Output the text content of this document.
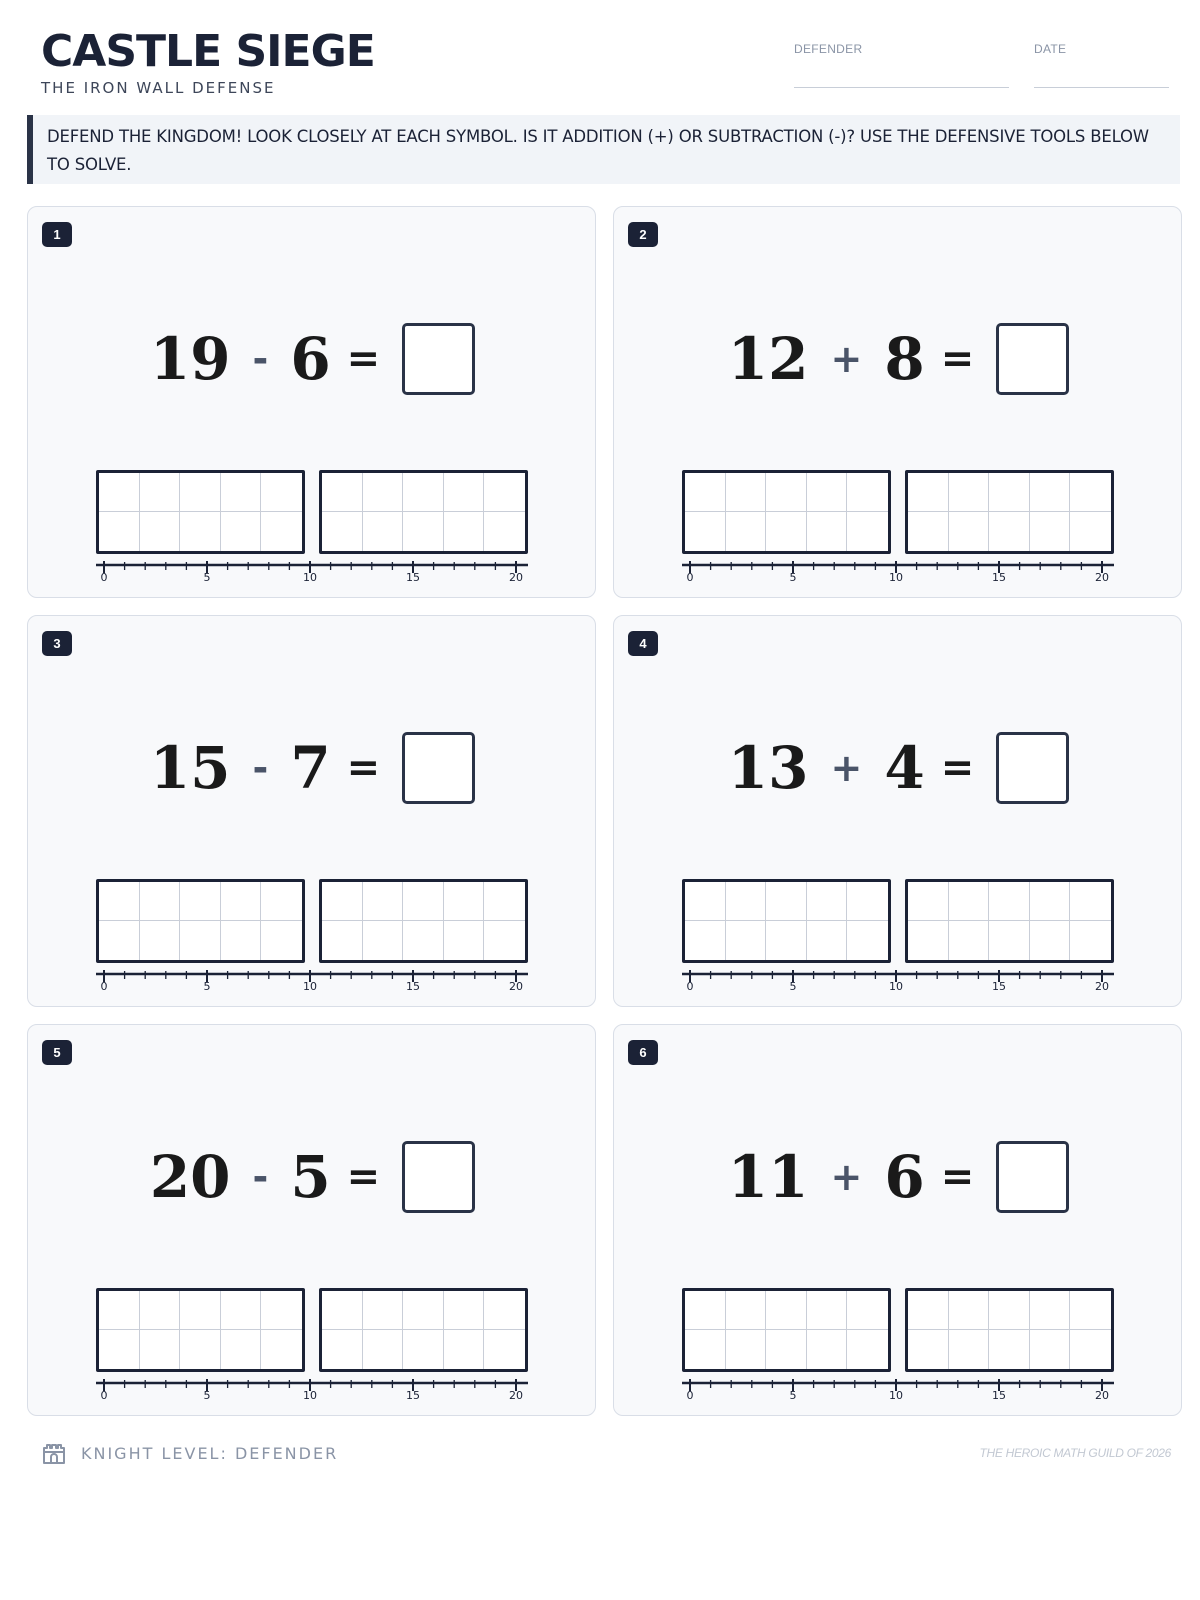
CASTLE SIEGE
THE IRON WALL DEFENSE
DEFENDER	DATE
DEFEND THE KINGDOM! LOOK CLOSELY AT EACH SYMBOL. IS IT ADDITION (+) OR SUBTRACTION (-)? USE THE DEFENSIVE TOOLS BELOW TO SOLVE.
1
19 - 6 =
0	5	10	15	20
2
12 + 8 =
0	5	10	15	20
3
15 - 7 =
0	5	10	15	20
4
13 + 4 =
0	5	10	15	20
5
20 - 5 =
0	5	10	15	20
6
11 + 6 =
0	5	10	15	20
KNIGHT LEVEL: DEFENDER	THE HEROIC MATH GUILD OF 2026
